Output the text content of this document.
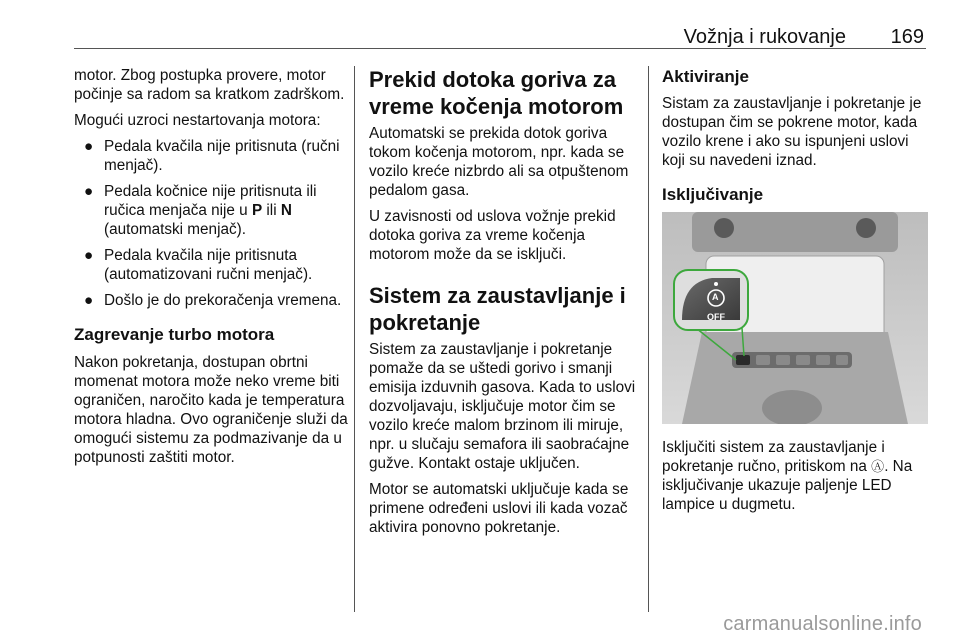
Vožnja i rukovanje 169

motor. Zbog postupka provere, motor počinje sa radom sa kratkom zadrškom.

Mogući uzroci nestartovanja motora:

● Pedala kvačila nije pritisnuta (ručni menjač).
● Pedala kočnice nije pritisnuta ili ručica menjača nije u P ili N (automatski menjač).
● Pedala kvačila nije pritisnuta (automatizovani ručni menjač).
● Došlo je do prekoračenja vremena.
Zagrevanje turbo motora

Nakon pokretanja, dostupan obrtni momenat motora može neko vreme biti ograničen, naročito kada je temperatura motora hladna. Ovo ograničenje služi da omogući sistemu za podmazivanje da u potpunosti zaštiti motor.

Prekid dotoka goriva za vreme kočenja motorom

Automatski se prekida dotok goriva tokom kočenja motorom, npr. kada se vozilo kreće nizbrdo ali sa otpuštenom pedalom gasa.

U zavisnosti od uslova vožnje prekid dotoka goriva za vreme kočenja motorom može da se isključi.

Sistem za zaustavljanje i pokretanje

Sistem za zaustavljanje i pokretanje pomaže da se uštedi gorivo i smanji emisija izduvnih gasova. Kada to uslovi dozvoljavaju, isključuje motor čim se vozilo kreće malom brzinom ili miruje, npr. u slučaju semafora ili saobraćajne gužve. Kontakt ostaje uključen.

Motor se automatski uključuje kada se primene određeni uslovi ili kada vozač aktivira ponovno pokretanje.

Aktiviranje

Sistam za zaustavljanje i pokretanje je dostupan čim se pokrene motor, kada vozilo krene i ako su ispunjeni uslovi koji su navedeni iznad.

Isključivanje
A
OFF

Isključiti sistem za zaustavljanje i pokretanje ručno, pritiskom na Ⓐ. Na isključivanje ukazuje paljenje LED lampice u dugmetu.

carmanualsonline.info
